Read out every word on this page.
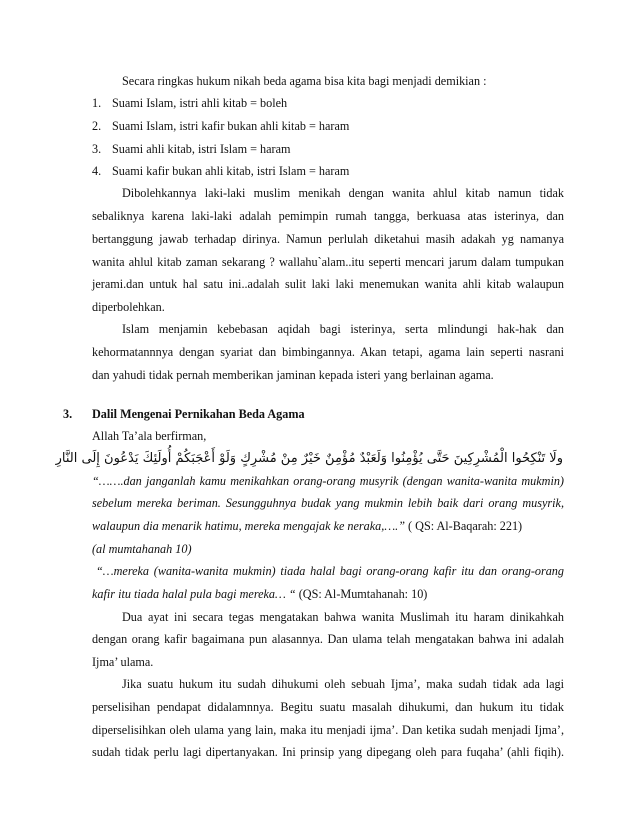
Secara ringkas hukum nikah beda agama bisa kita bagi menjadi demikian :
1. Suami Islam, istri ahli kitab = boleh
2. Suami Islam, istri kafir bukan ahli kitab = haram
3. Suami ahli kitab, istri Islam = haram
4. Suami kafir bukan ahli kitab, istri Islam = haram
Dibolehkannya laki-laki muslim menikah dengan wanita ahlul kitab namun tidak
sebaliknya karena laki-laki adalah pemimpin rumah tangga, berkuasa atas isterinya, dan
bertanggung jawab terhadap dirinya. Namun perlulah diketahui masih adakah yg namanya
wanita ahlul kitab zaman sekarang ? wallahu`alam..itu seperti mencari jarum dalam tumpukan
jerami.dan untuk hal satu ini..adalah sulit laki laki menemukan wanita ahli kitab walaupun
diperbolehkan.
Islam menjamin kebebasan aqidah bagi isterinya, serta mlindungi hak-hak dan
kehormatannnya dengan syariat dan bimbingannya. Akan tetapi, agama lain seperti nasrani
dan yahudi tidak pernah memberikan jaminan kepada isteri yang berlainan agama.
3. Dalil Mengenai Pernikahan Beda Agama
Allah Ta’ala berfirman,
ولَا تَنْكِحُوا الْمُشْرِكِينَ حَتَّى يُؤْمِنُوا وَلَعَبْدٌ مُؤْمِنٌ خَيْرٌ مِنْ مُشْرِكٍ وَلَوْ أَعْجَبَكُمْ أُولَئِكَ يَدْعُونَ إِلَى النَّارِ
“…….dan janganlah kamu menikahkan orang-orang musyrik (dengan wanita-wanita mukmin)
sebelum mereka beriman. Sesungguhnya budak yang mukmin lebih baik dari orang musyrik,
walaupun dia menarik hatimu, mereka mengajak ke neraka,….” ( QS: Al-Baqarah: 221)
(al mumtahanah 10)
“…mereka (wanita-wanita mukmin) tiada halal bagi orang-orang kafir itu dan orang-orang
kafir itu tiada halal pula bagi mereka… “ (QS: Al-Mumtahanah: 10)
Dua ayat ini secara tegas mengatakan bahwa wanita Muslimah itu haram dinikahkah
dengan orang kafir bagaimana pun alasannya. Dan ulama telah mengatakan bahwa ini adalah
Ijma’ ulama.
Jika suatu hukum itu sudah dihukumi oleh sebuah Ijma’, maka sudah tidak ada lagi
perselisihan pendapat didalamnnya. Begitu suatu masalah dihukumi, dan hukum itu tidak
diperselisihkan oleh ulama yang lain, maka itu menjadi ijma’. Dan ketika sudah menjadi Ijma’,
sudah tidak perlu lagi dipertanyakan. Ini prinsip yang dipegang oleh para fuqaha’ (ahli fiqih).
